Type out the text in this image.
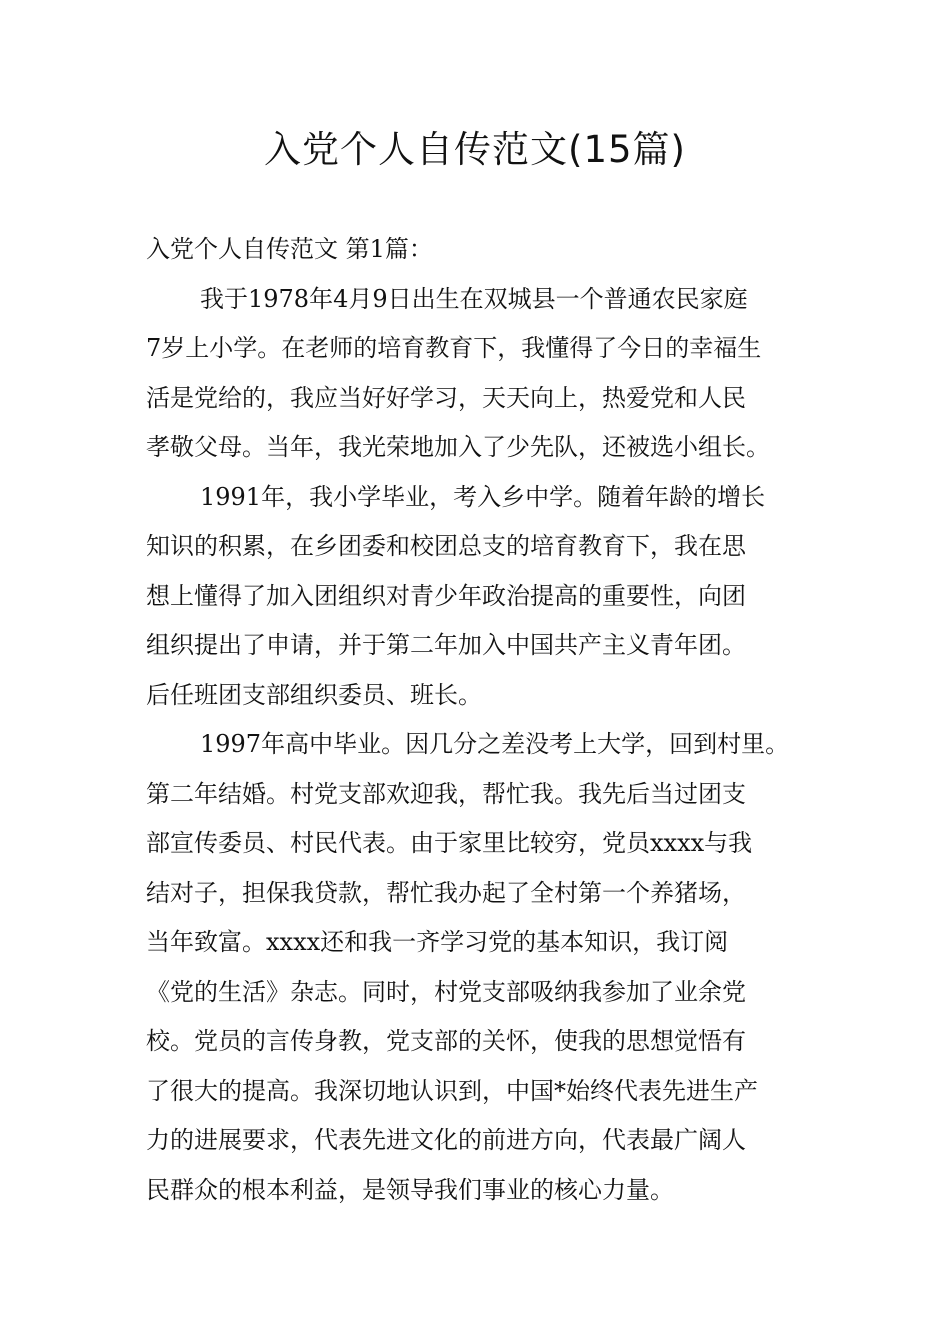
入党个人自传范文(15篇)
入党个人自传范文 第1篇：
我于1978年4月9日出生在双城县一个普通农民家庭
7岁上小学。在老师的培育教育下，我懂得了今日的幸福生
活是党给的，我应当好好学习，天天向上，热爱党和人民
孝敬父母。当年，我光荣地加入了少先队，还被选小组长。
1991年，我小学毕业，考入乡中学。随着年龄的增长
知识的积累，在乡团委和校团总支的培育教育下，我在思
想上懂得了加入团组织对青少年政治提高的重要性，向团
组织提出了申请，并于第二年加入中国共产主义青年团。
后任班团支部组织委员、班长。
1997年高中毕业。因几分之差没考上大学，回到村里。
第二年结婚。村党支部欢迎我，帮忙我。我先后当过团支
部宣传委员、村民代表。由于家里比较穷，党员xxxx与我
结对子，担保我贷款，帮忙我办起了全村第一个养猪场，
当年致富。xxxx还和我一齐学习党的基本知识，我订阅
《党的生活》杂志。同时，村党支部吸纳我参加了业余党
校。党员的言传身教，党支部的关怀，使我的思想觉悟有
了很大的提高。我深切地认识到，中国*始终代表先进生产
力的进展要求，代表先进文化的前进方向，代表最广阔人
民群众的根本利益，是领导我们事业的核心力量。
